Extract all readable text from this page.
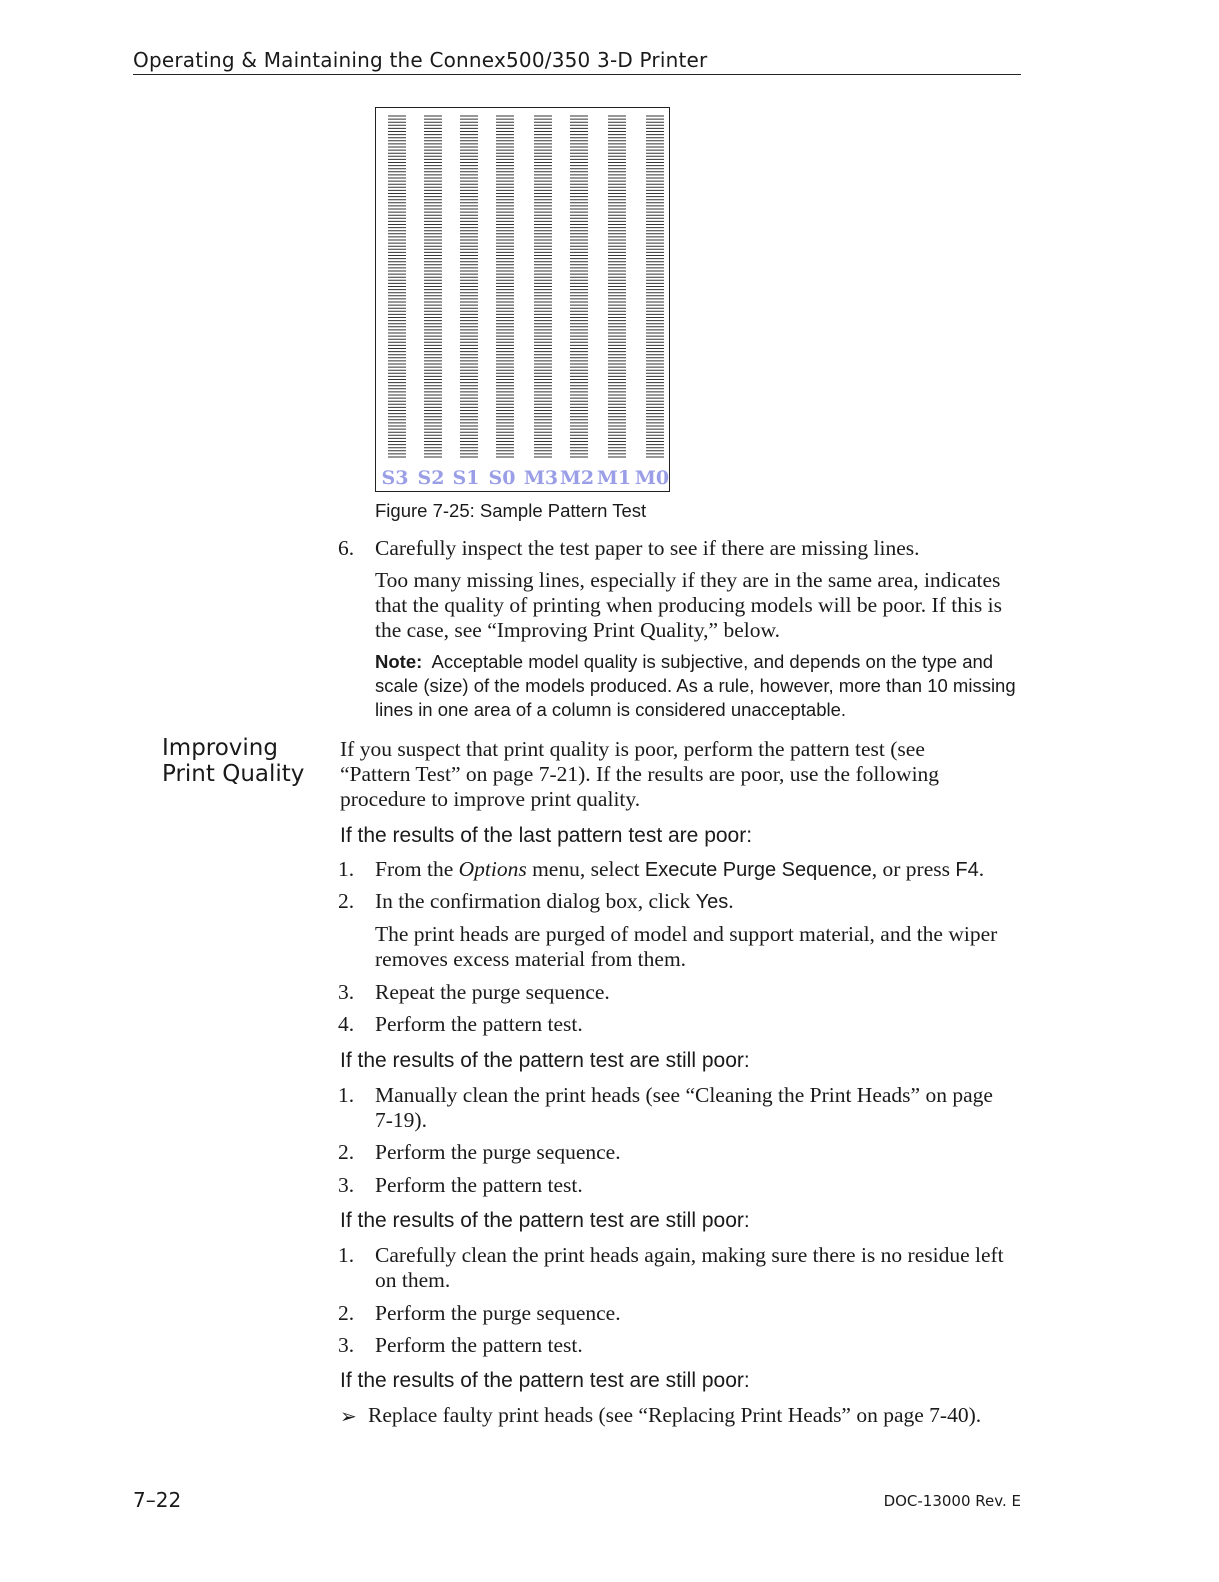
Operating & Maintaining the Connex500/350 3-D Printer
S3 S2 S1 S0 M3 M2 M1 M0
Figure 7-25: Sample Pattern Test
6. Carefully inspect the test paper to see if there are missing lines.
Too many missing lines, especially if they are in the same area, indicates that the quality of printing when producing models will be poor. If this is the case, see “Improving Print Quality,” below.
Note: Acceptable model quality is subjective, and depends on the type and scale (size) of the models produced. As a rule, however, more than 10 missing lines in one area of a column is considered unacceptable.
Improving
Print Quality
If you suspect that print quality is poor, perform the pattern test (see “Pattern Test” on page 7-21). If the results are poor, use the following procedure to improve print quality.
If the results of the last pattern test are poor:
1. From the Options menu, select Execute Purge Sequence, or press F4.
2. In the confirmation dialog box, click Yes.
The print heads are purged of model and support material, and the wiper removes excess material from them.
3. Repeat the purge sequence.
4. Perform the pattern test.
If the results of the pattern test are still poor:
1. Manually clean the print heads (see “Cleaning the Print Heads” on page 7-19).
2. Perform the purge sequence.
3. Perform the pattern test.
If the results of the pattern test are still poor:
1. Carefully clean the print heads again, making sure there is no residue left on them.
2. Perform the purge sequence.
3. Perform the pattern test.
If the results of the pattern test are still poor:
➢ Replace faulty print heads (see “Replacing Print Heads” on page 7-40).
7–22	DOC-13000 Rev. E
